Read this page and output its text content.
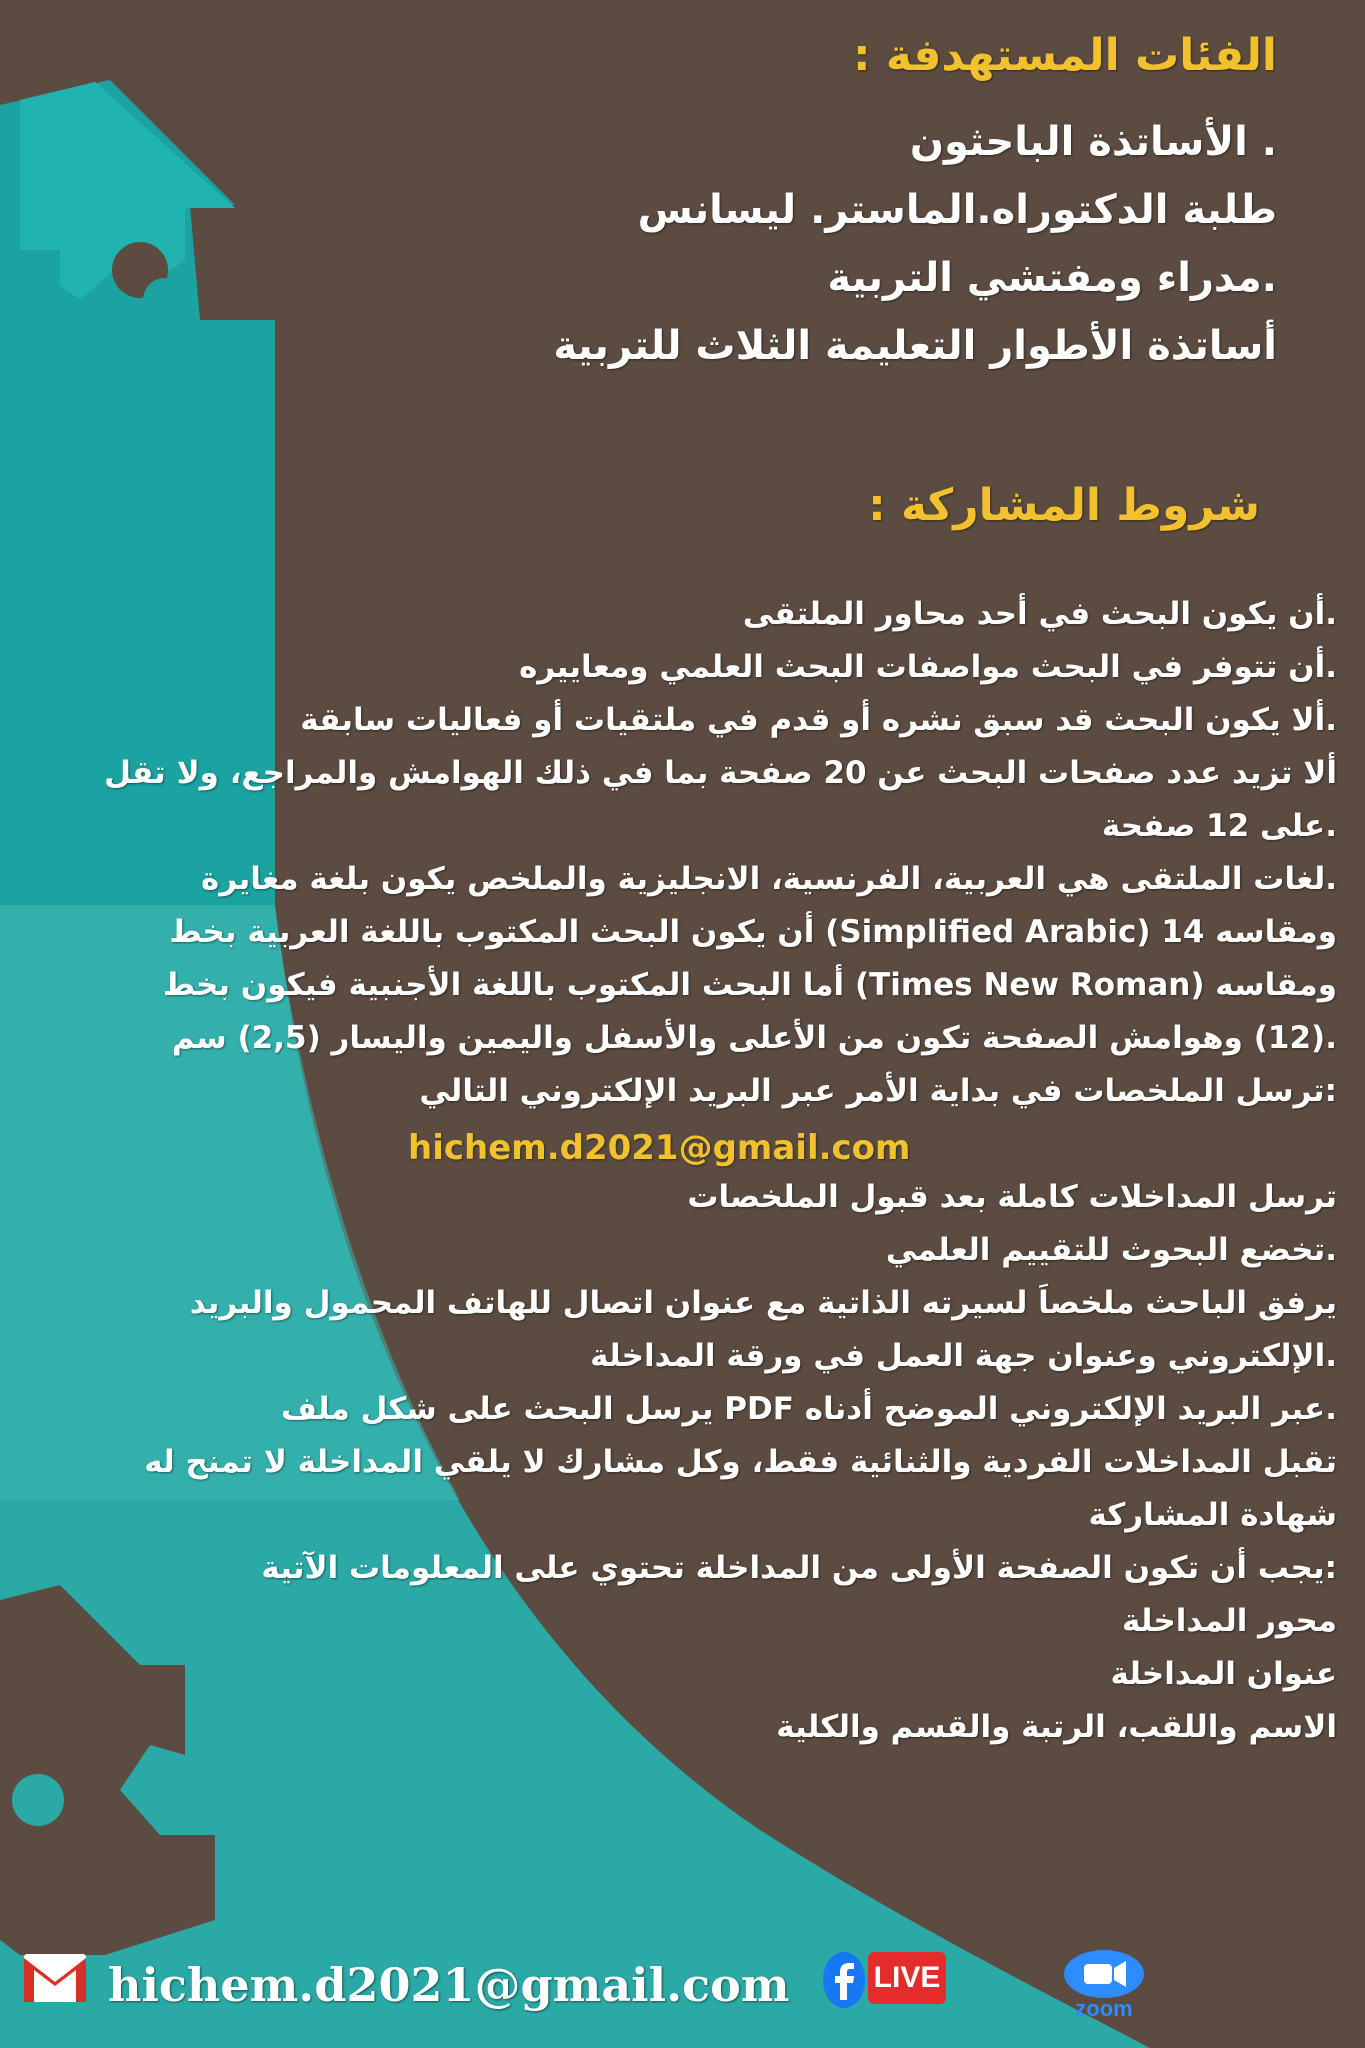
الفئات المستهدفة :
. الأساتذة الباحثون
طلبة الدكتوراه.الماستر. ليسانس
.مدراء ومفتشي التربية
أساتذة الأطوار التعليمة الثلاث للتربية
شروط المشاركة :
.أن يكون البحث في أحد محاور الملتقى
.أن تتوفر في البحث مواصفات البحث العلمي ومعاييره
.ألا يكون البحث قد سبق نشره أو قدم في ملتقيات أو فعاليات سابقة
ألا تزيد عدد صفحات البحث عن 20 صفحة بما في ذلك الهوامش والمراجع، ولا تقل
.على 12 صفحة
.لغات الملتقى هي العربية، الفرنسية، الانجليزية والملخص يكون بلغة مغايرة
ومقاسه 14 (Simplified Arabic) أن يكون البحث المكتوب باللغة العربية بخط
ومقاسه (Times New Roman) أما البحث المكتوب باللغة الأجنبية فيكون بخط
.(12) وهوامش الصفحة تكون من الأعلى والأسفل واليمين واليسار (2,5) سم
:ترسل الملخصات في بداية الأمر عبر البريد الإلكتروني التالي
ترسل المداخلات كاملة بعد قبول الملخصات
.تخضع البحوث للتقييم العلمي
يرفق الباحث ملخصاَ لسيرته الذاتية مع عنوان اتصال للهاتف المحمول والبريد
.الإلكتروني وعنوان جهة العمل في ورقة المداخلة
.عبر البريد الإلكتروني الموضح أدناه PDF يرسل البحث على شكل ملف
تقبل المداخلات الفردية والثنائية فقط، وكل مشارك لا يلقي المداخلة لا تمنح له
شهادة المشاركة
:يجب أن تكون الصفحة الأولى من المداخلة تحتوي على المعلومات الآتية
محور المداخلة
عنوان المداخلة
الاسم واللقب، الرتبة والقسم والكلية
hichem.d2021@gmail.com
hichem.d2021@gmail.com	LIVE
zoom
